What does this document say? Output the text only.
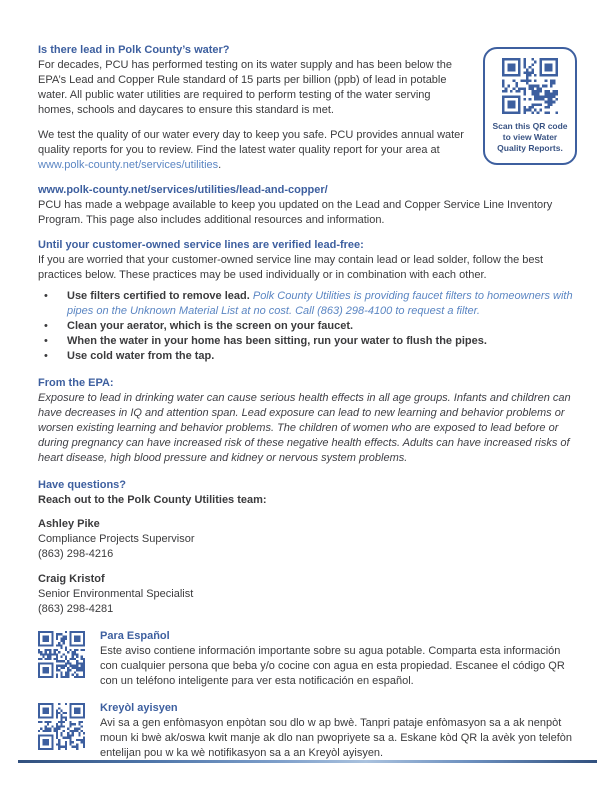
Scan this QR code to view Water Quality Reports.
Is there lead in Polk County’s water?

For decades, PCU has performed testing on its water supply and has been below the EPA’s Lead and Copper Rule standard of 15 parts per billion (ppb) of lead in potable water. All public water utilities are required to perform testing of the water serving homes, schools and daycares to ensure this standard is met.

We test the quality of our water every day to keep you safe. PCU provides annual water quality reports for you to review. Find the latest water quality report for your area at www.polk-county.net/services/utilities.

www.polk-county.net/services/utilities/lead-and-copper/

PCU has made a webpage available to keep you updated on the Lead and Copper Service Line Inventory Program. This page also includes additional resources and information.

Until your customer-owned service lines are verified lead-free:

If you are worried that your customer-owned service line may contain lead or lead solder, follow the best practices below. These practices may be used individually or in combination with each other.

•	Use filters certified to remove lead. Polk County Utilities is providing faucet filters to homeowners with pipes on the Unknown Material List at no cost. Call (863) 298-4100 to request a filter.
•	Clean your aerator, which is the screen on your faucet.
•	When the water in your home has been sitting, run your water to flush the pipes.
•	Use cold water from the tap.
From the EPA:

Exposure to lead in drinking water can cause serious health effects in all age groups. Infants and children can have decreases in IQ and attention span. Lead exposure can lead to new learning and behavior problems or worsen existing learning and behavior problems. The children of women who are exposed to lead before or during pregnancy can have increased risk of these negative health effects. Adults can have increased risks of heart disease, high blood pressure and kidney or nervous system problems.

Have questions?

Reach out to the Polk County Utilities team:

Ashley Pike
Compliance Projects Supervisor
(863) 298-4216
Craig Kristof
Senior Environmental Specialist
(863) 298-4281
Para Español
Este aviso contiene información importante sobre su agua potable. Comparta esta información con cualquier persona que beba y/o cocine con agua en esta propiedad. Escanee el código QR con un teléfono inteligente para ver esta notificación en español.
Kreyòl ayisyen
Avi sa a gen enfòmasyon enpòtan sou dlo w ap bwè. Tanpri pataje enfòmasyon sa a ak nenpòt moun ki bwè ak/oswa kwit manje ak dlo nan pwopriyete sa a. Eskane kòd QR la avèk yon telefòn entelijan pou w ka wè notifikasyon sa a an Kreyòl ayisyen.
